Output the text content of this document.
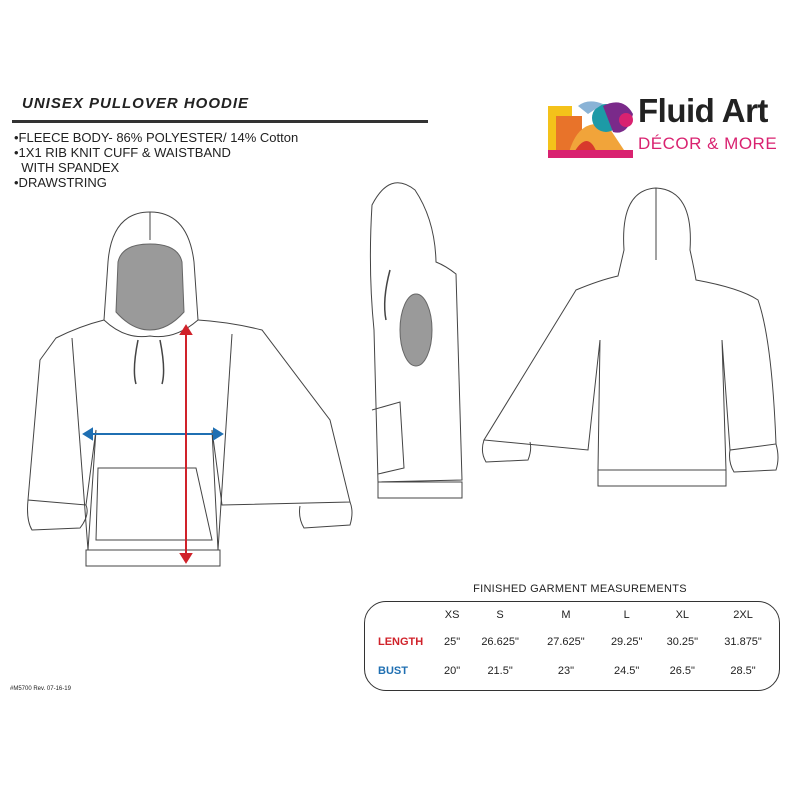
UNISEX PULLOVER HOODIE
•FLEECE BODY- 86% POLYESTER/ 14% Cotton
•1X1 RIB KNIT CUFF & WAISTBAND
WITH SPANDEX
•DRAWSTRING
Fluid Art
DÉCOR & MORE
FINISHED GARMENT MEASUREMENTS
	XS	S	M	L	XL	2XL
LENGTH	25"	26.625"	27.625"	29.25"	30.25"	31.875"
BUST	20"	21.5"	23"	24.5"	26.5"	28.5"
#M5700 Rev. 07-16-19
